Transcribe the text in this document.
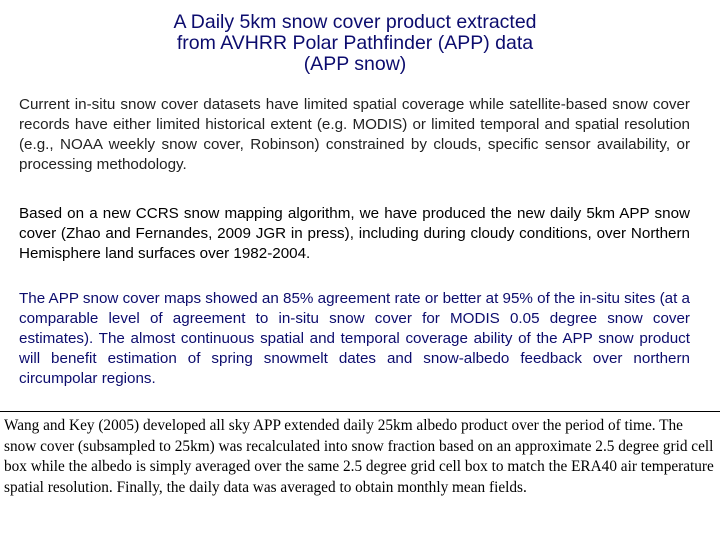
A Daily 5km snow cover product extracted
from AVHRR Polar Pathfinder (APP) data
(APP snow)
Current in-situ snow cover datasets have limited spatial coverage while satellite-based snow cover records have either limited historical extent (e.g. MODIS) or limited temporal and spatial resolution (e.g., NOAA weekly snow cover, Robinson) constrained by clouds, specific sensor availability, or processing methodology.
Based on a new CCRS snow mapping algorithm, we have produced the new daily 5km APP snow cover (Zhao and Fernandes, 2009 JGR in press), including during cloudy conditions, over Northern Hemisphere land surfaces over 1982-2004.
The APP snow cover maps showed an 85% agreement rate or better at 95% of the in-situ sites (at a comparable level of agreement to in-situ snow cover for MODIS 0.05 degree snow cover estimates). The almost continuous spatial and temporal coverage ability of the APP snow product will benefit estimation of spring snowmelt dates and snow-albedo feedback over northern circumpolar regions.
Wang and Key (2005) developed all sky APP extended daily 25km albedo product over the period of time. The snow cover (subsampled to 25km) was recalculated into snow fraction based on an approximate 2.5 degree grid cell box while the albedo is simply averaged over the same 2.5 degree grid cell box to match the ERA40 air temperature spatial resolution. Finally, the daily data was averaged to obtain monthly mean fields.
